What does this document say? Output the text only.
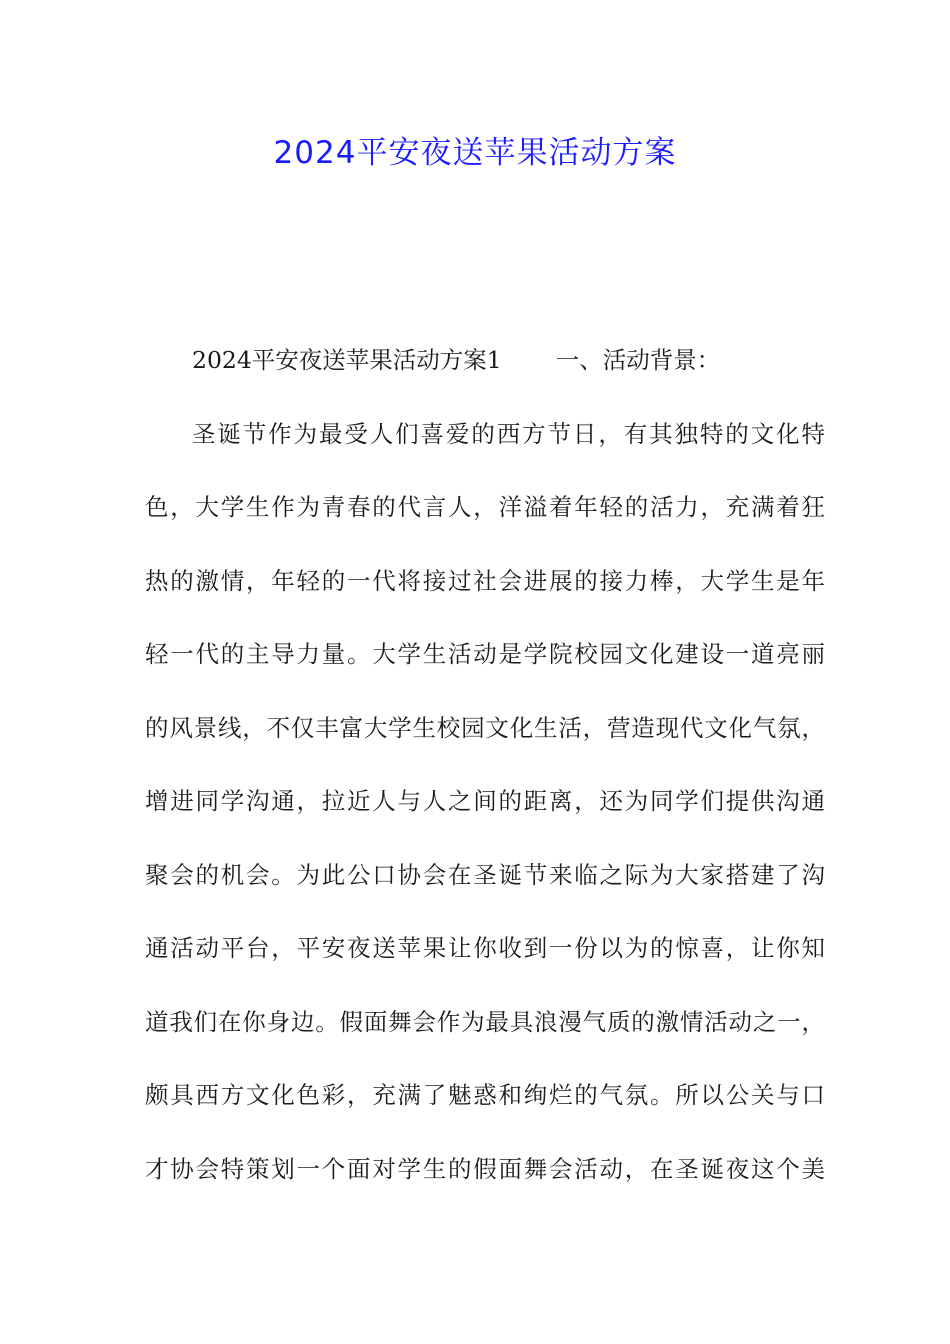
2024平安夜送苹果活动方案
2024平安夜送苹果活动方案1 一、活动背景：
圣诞节作为最受人们喜爱的西方节日，有其独特的文化特
色，大学生作为青春的代言人，洋溢着年轻的活力，充满着狂
热的激情，年轻的一代将接过社会进展的接力棒，大学生是年
轻一代的主导力量。大学生活动是学院校园文化建设一道亮丽
的风景线，不仅丰富大学生校园文化生活，营造现代文化气氛，
增进同学沟通，拉近人与人之间的距离，还为同学们提供沟通
聚会的机会。为此公口协会在圣诞节来临之际为大家搭建了沟
通活动平台，平安夜送苹果让你收到一份以为的惊喜，让你知
道我们在你身边。假面舞会作为最具浪漫气质的激情活动之一，
颇具西方文化色彩，充满了魅惑和绚烂的气氛。所以公关与口
才协会特策划一个面对学生的假面舞会活动，在圣诞夜这个美
